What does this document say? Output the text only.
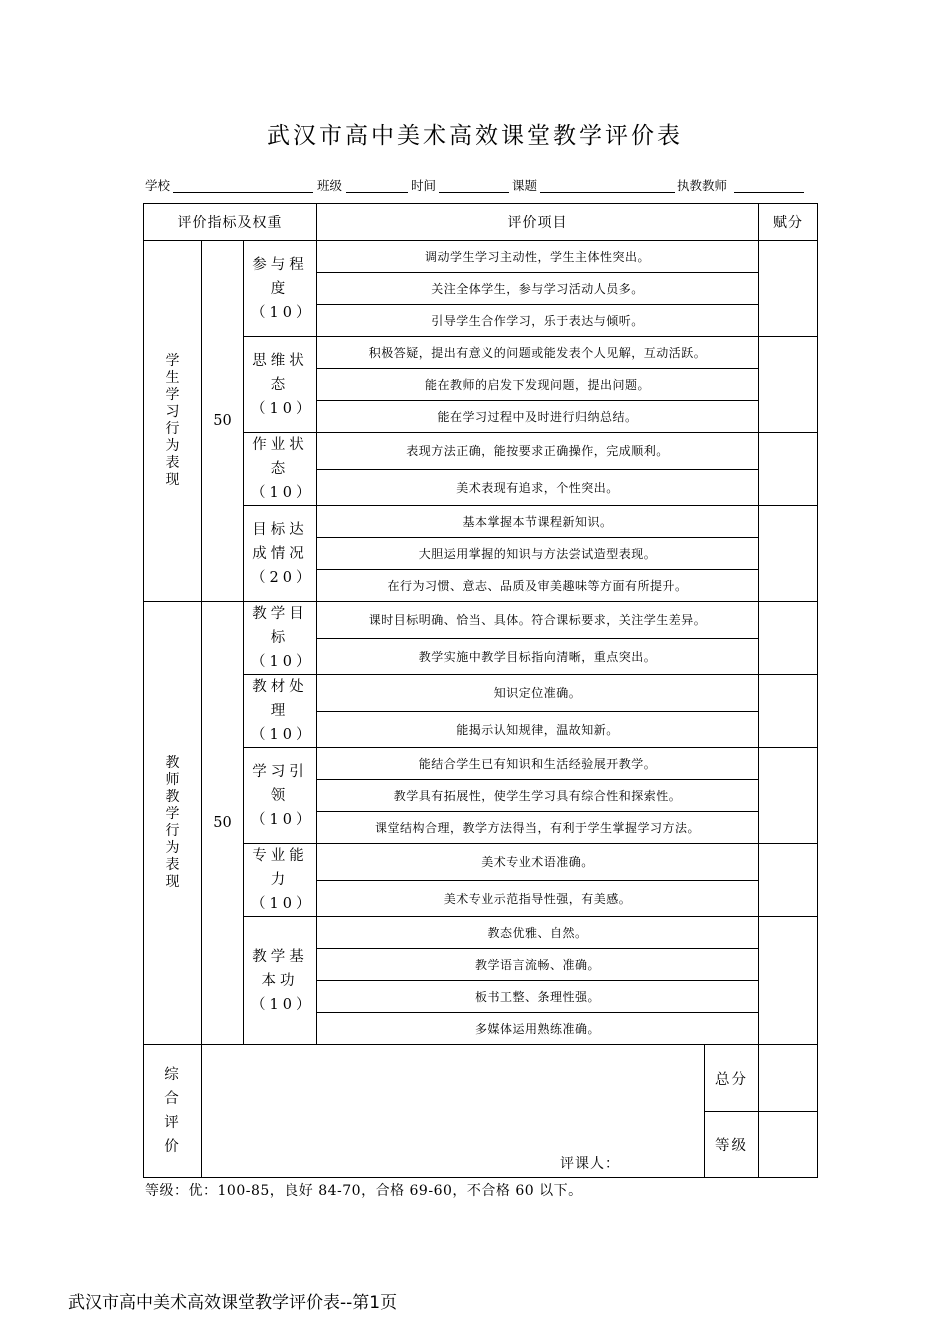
武汉市高中美术高效课堂教学评价表
学校	班级	时间	课题	执教教师
评价指标及权重			评价项目		赋分
学生学习行为表现	50	参与程度（10）	调动学生学习主动性，学生主体性突出。		
			关注全体学生，参与学习活动人员多。		
			引导学生合作学习，乐于表达与倾听。		

		思维状态（10）	积极答疑，提出有意义的问题或能发表个人见解，互动活跃。		
			能在教师的启发下发现问题，提出问题。		
			能在学习过程中及时进行归纳总结。		

		作业状态（10）	表现方法正确，能按要求正确操作，完成顺利。		
			美术表现有追求，个性突出。		

		目标达成情况（20）	基本掌握本节课程新知识。		
			大胆运用掌握的知识与方法尝试造型表现。		
			在行为习惯、意志、品质及审美趣味等方面有所提升。		
教师教学行为表现	50	教学目标（10）	课时目标明确、恰当、具体。符合课标要求，关注学生差异。		
			教学实施中教学目标指向清晰，重点突出。		

		教材处理（10）	知识定位准确。		
			能揭示认知规律，温故知新。		

		学习引领（10）	能结合学生已有知识和生活经验展开教学。		
			教学具有拓展性，使学生学习具有综合性和探索性。		
			课堂结构合理，教学方法得当，有利于学生掌握学习方法。		

		专业能力（10）	美术专业术语准确。		
			美术专业示范指导性强，有美感。		

		教学基本功（10）	教态优雅、自然。		
			教学语言流畅、准确。		
			板书工整、条理性强。		
			多媒体运用熟练准确。		

综合评价	评课人：			总分	
				等级	
等级：优：100-85，良好 84-70，合格 69-60，不合格 60 以下。
武汉市高中美术高效课堂教学评价表--第1页
